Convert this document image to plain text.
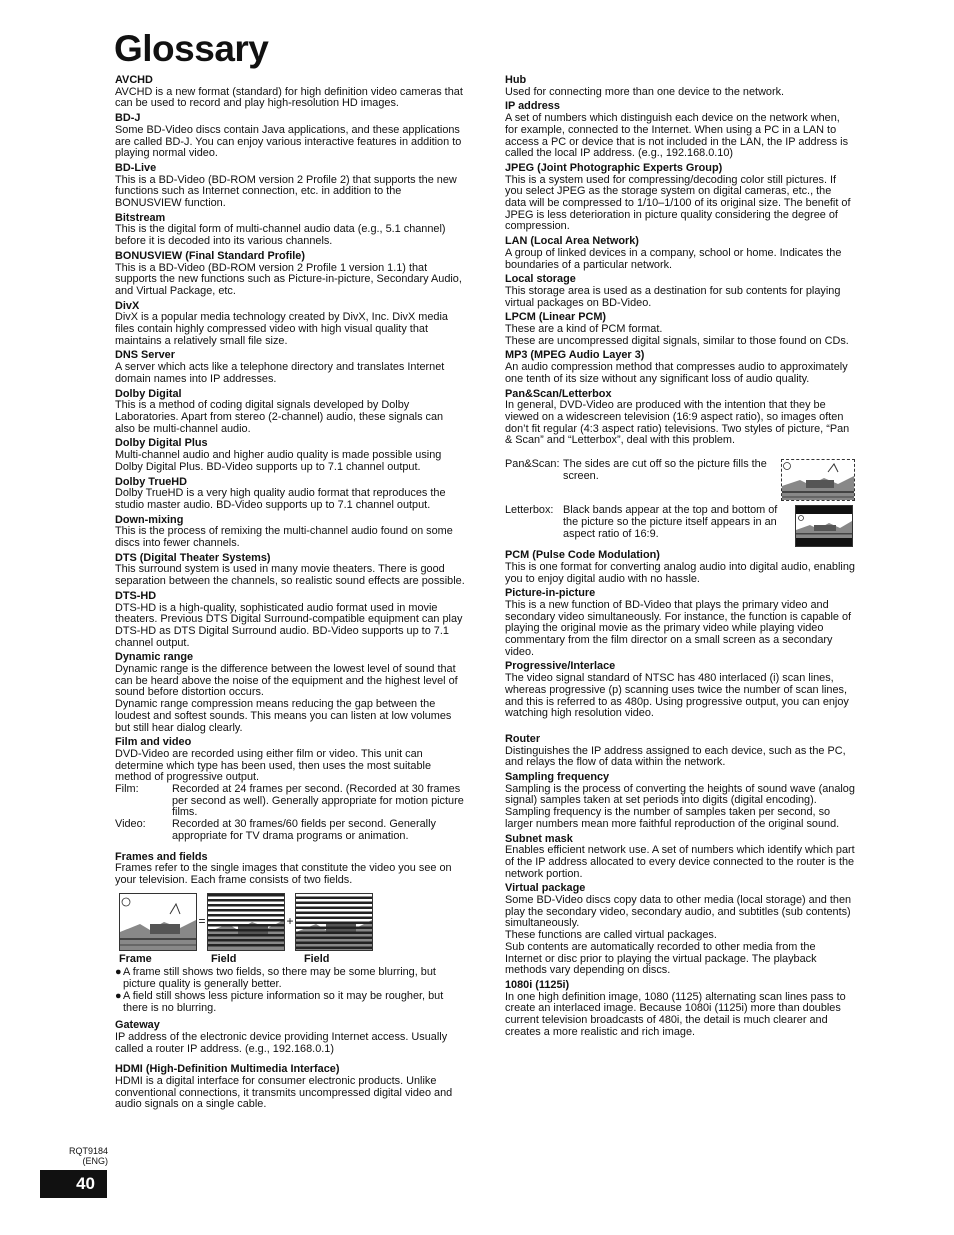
Glossary
AVCHD

AVCHD is a new format (standard) for high definition video cameras that can be used to record and play high-resolution HD images.

BD-J

Some BD-Video discs contain Java applications, and these applications are called BD-J. You can enjoy various interactive features in addition to playing normal video.

BD-Live

This is a BD-Video (BD-ROM version 2 Profile 2) that supports the new functions such as Internet connection, etc. in addition to the BONUSVIEW function.

Bitstream

This is the digital form of multi-channel audio data (e.g., 5.1 channel) before it is decoded into its various channels.

BONUSVIEW (Final Standard Profile)

This is a BD-Video (BD-ROM version 2 Profile 1 version 1.1) that supports the new functions such as Picture-in-picture, Secondary Audio, and Virtual Package, etc.

DivX

DivX is a popular media technology created by DivX, Inc. DivX media files contain highly compressed video with high visual quality that maintains a relatively small file size.

DNS Server

A server which acts like a telephone directory and translates Internet domain names into IP addresses.

Dolby Digital

This is a method of coding digital signals developed by Dolby Laboratories. Apart from stereo (2-channel) audio, these signals can also be multi-channel audio.

Dolby Digital Plus

Multi-channel audio and higher audio quality is made possible using Dolby Digital Plus. BD-Video supports up to 7.1 channel output.

Dolby TrueHD

Dolby TrueHD is a very high quality audio format that reproduces the studio master audio. BD-Video supports up to 7.1 channel output.

Down-mixing

This is the process of remixing the multi-channel audio found on some discs into fewer channels.

DTS (Digital Theater Systems)

This surround system is used in many movie theaters. There is good separation between the channels, so realistic sound effects are possible.

DTS-HD

DTS-HD is a high-quality, sophisticated audio format used in movie theaters. Previous DTS Digital Surround-compatible equipment can play DTS-HD as DTS Digital Surround audio. BD-Video supports up to 7.1 channel output.

Dynamic range

Dynamic range is the difference between the lowest level of sound that can be heard above the noise of the equipment and the highest level of sound before distortion occurs.

Dynamic range compression means reducing the gap between the loudest and softest sounds. This means you can listen at low volumes but still hear dialog clearly.

Film and video

DVD-Video are recorded using either film or video. This unit can determine which type has been used, then uses the most suitable method of progressive output.

Film:	Recorded at 24 frames per second. (Recorded at 30 frames per second as well). Generally appropriate for motion picture films.
Video:	Recorded at 30 frames/60 fields per second. Generally appropriate for TV drama programs or animation.
Frames and fields

Frames refer to the single images that constitute the video you see on your television. Each frame consists of two fields.

=	+
Frame	Field	Field
● A frame still shows two fields, so there may be some blurring, but picture quality is generally better.
● A field still shows less picture information so it may be rougher, but there is no blurring.
Gateway

IP address of the electronic device providing Internet access. Usually called a router IP address. (e.g., 192.168.0.1)

HDMI (High-Definition Multimedia Interface)

HDMI is a digital interface for consumer electronic products. Unlike conventional connections, it transmits uncompressed digital video and audio signals on a single cable.

Hub

Used for connecting more than one device to the network.

IP address

A set of numbers which distinguish each device on the network when, for example, connected to the Internet. When using a PC in a LAN to access a PC or device that is not included in the LAN, the IP address is called the local IP address. (e.g., 192.168.0.10)

JPEG (Joint Photographic Experts Group)

This is a system used for compressing/decoding color still pictures. If you select JPEG as the storage system on digital cameras, etc., the data will be compressed to 1/10–1/100 of its original size. The benefit of JPEG is less deterioration in picture quality considering the degree of compression.

LAN (Local Area Network)

A group of linked devices in a company, school or home. Indicates the boundaries of a particular network.

Local storage

This storage area is used as a destination for sub contents for playing virtual packages on BD-Video.

LPCM (Linear PCM)

These are a kind of PCM format.

These are uncompressed digital signals, similar to those found on CDs.

MP3 (MPEG Audio Layer 3)

An audio compression method that compresses audio to approximately one tenth of its size without any significant loss of audio quality.

Pan&Scan/Letterbox

In general, DVD-Video are produced with the intention that they be viewed on a widescreen television (16:9 aspect ratio), so images often don’t fit regular (4:3 aspect ratio) televisions. Two styles of picture, “Pan & Scan” and “Letterbox”, deal with this problem.

Pan&Scan: The sides are cut off so the picture fills the screen.
Letterbox: Black bands appear at the top and bottom of the picture so the picture itself appears in an aspect ratio of 16:9.
PCM (Pulse Code Modulation)

This is one format for converting analog audio into digital audio, enabling you to enjoy digital audio with no hassle.

Picture-in-picture

This is a new function of BD-Video that plays the primary video and secondary video simultaneously. For instance, the function is capable of playing the original movie as the primary video while playing video commentary from the film director on a small screen as a secondary video.

Progressive/Interlace

The video signal standard of NTSC has 480 interlaced (i) scan lines, whereas progressive (p) scanning uses twice the number of scan lines, and this is referred to as 480p. Using progressive output, you can enjoy watching high resolution video.

Router

Distinguishes the IP address assigned to each device, such as the PC, and relays the flow of data within the network.

Sampling frequency

Sampling is the process of converting the heights of sound wave (analog signal) samples taken at set periods into digits (digital encoding). Sampling frequency is the number of samples taken per second, so larger numbers mean more faithful reproduction of the original sound.

Subnet mask

Enables efficient network use. A set of numbers which identify which part of the IP address allocated to every device connected to the router is the network portion.

Virtual package

Some BD-Video discs copy data to other media (local storage) and then play the secondary video, secondary audio, and subtitles (sub contents) simultaneously.

These functions are called virtual packages.

Sub contents are automatically recorded to other media from the Internet or disc prior to playing the virtual package. The playback methods vary depending on discs.

1080i (1125i)

In one high definition image, 1080 (1125) alternating scan lines pass to create an interlaced image. Because 1080i (1125i) more than doubles current television broadcasts of 480i, the detail is much clearer and creates a more realistic and rich image.

RQT9184
(ENG)
40
